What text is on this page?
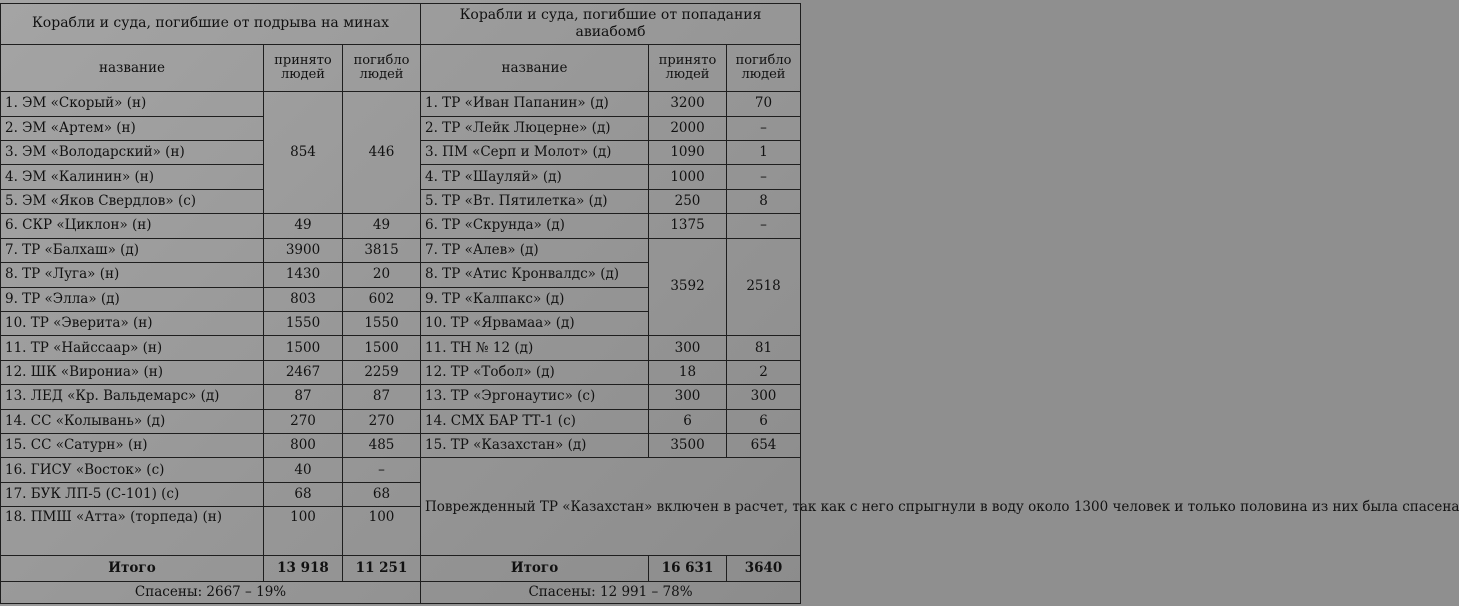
Корабли и суда, погибшие от подрыва на минах			Корабли и суда, погибшие от попадания авиабомб		
название	принято людей	погибло людей	название	принято людей	погибло людей
1. ЭМ «Скорый» (н)	854	446	1. ТР «Иван Папанин» (д)	3200	70
2. ЭМ «Артем» (н)			2. ТР «Лейк Люцерне» (д)	2000	–
3. ЭМ «Володарский» (н)			3. ПМ «Серп и Молот» (д)	1090	1
4. ЭМ «Калинин» (н)			4. ТР «Шауляй» (д)	1000	–
5. ЭМ «Яков Свердлов» (с)			5. ТР «Вт. Пятилетка» (д)	250	8
6. СКР «Циклон» (н)	49	49	6. ТР «Скрунда» (д)	1375	–
7. ТР «Балхаш» (д)	3900	3815	7. ТР «Алев» (д)	3592	2518
8. ТР «Луга» (н)	1430	20	8. ТР «Атис Кронвалдс» (д)		
9. ТР «Элла» (д)	803	602	9. ТР «Калпакс» (д)		
10. ТР «Эверита» (н)	1550	1550	10. ТР «Ярвамаа» (д)		
11. ТР «Найссаар» (н)	1500	1500	11. ТН № 12 (д)	300	81
12. ШК «Вирониа» (н)	2467	2259	12. ТР «Тобол» (д)	18	2
13. ЛЕД «Кр. Вальдемарс» (д)	87	87	13. ТР «Эргонаутис» (с)	300	300
14. СС «Колывань» (д)	270	270	14. СМХ БАР ТТ-1 (с)	6	6
15. СС «Сатурн» (н)	800	485	15. ТР «Казахстан» (д)	3500	654
16. ГИСУ «Восток» (с)	40	–	Поврежденный ТР «Казахстан» включен в расчет, так как с него спрыгнули в воду около 1300 человек и только половина из них была спасена		
17. БУК ЛП-5 (С-101) (с)	68	68			
18. ПМШ «Атта» (торпеда) (н)	100	100			
Итого	13 918	11 251	Итого	16 631	3640
Спасены: 2667 – 19%			Спасены: 12 991 – 78%		
